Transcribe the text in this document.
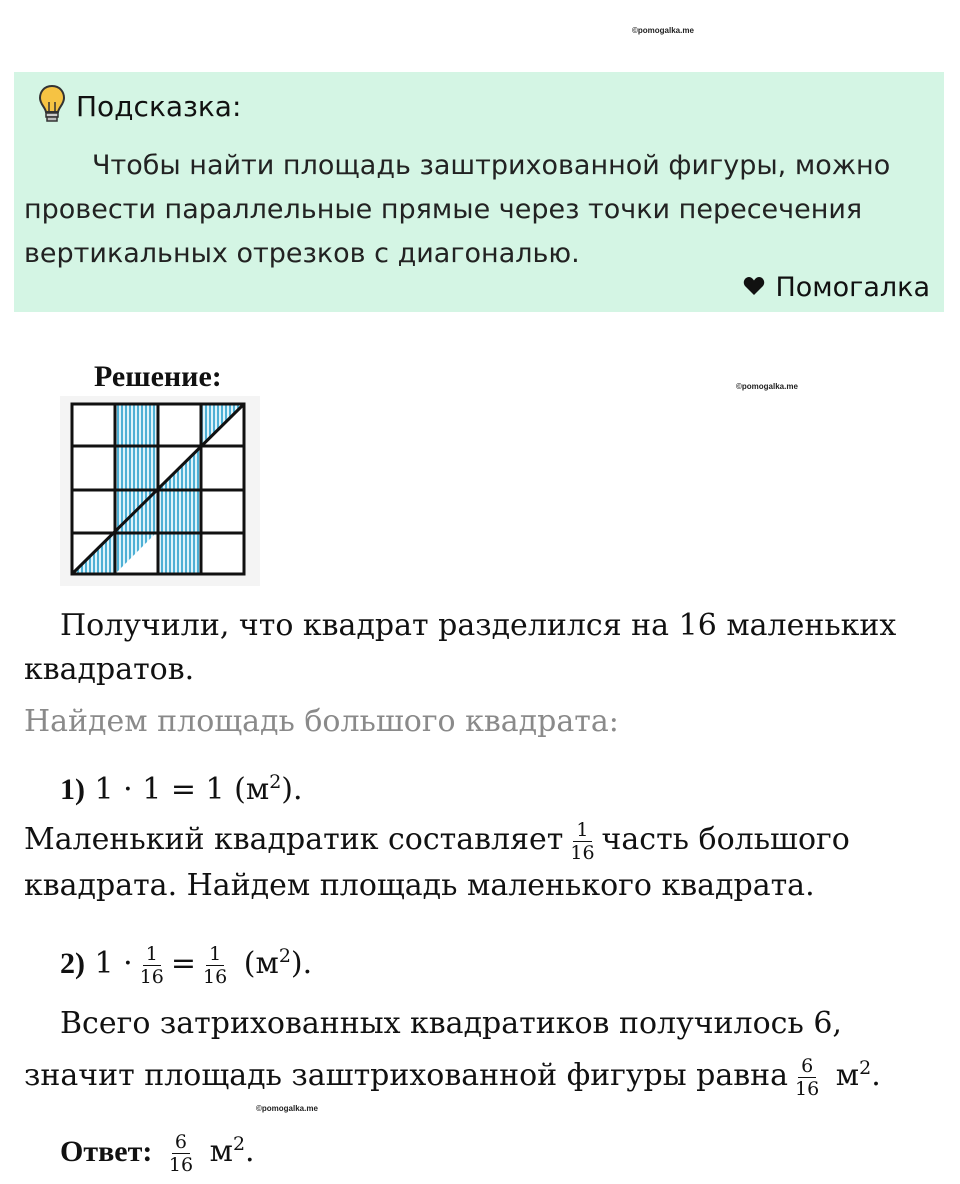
©pomogalka.me
©pomogalka.me
©pomogalka.me
Подсказка:
Чтобы найти площадь заштрихованной фигуры, можно провести параллельные прямые через точки пересечения вертикальных отрезков с диагональю.
Помогалка
Решение:
Получили, что квадрат разделился на 16 маленьких квадратов.
Найдем площадь большого квадрата:
1) 1 · 1 = 1 $(м^2)$.
Маленький квадратик составляет $\frac{1}{16}$ часть большого
квадрата. Найдем площадь маленького квадрата.
2) $1 \cdot \frac{1}{16} = \frac{1}{16} (м^2)$.
Всего затрихованных квадратиков получилось 6,
значит площадь заштрихованной фигуры равна $\frac{6}{16} м^2$.
Ответ: $\frac{6}{16} м^2$.
